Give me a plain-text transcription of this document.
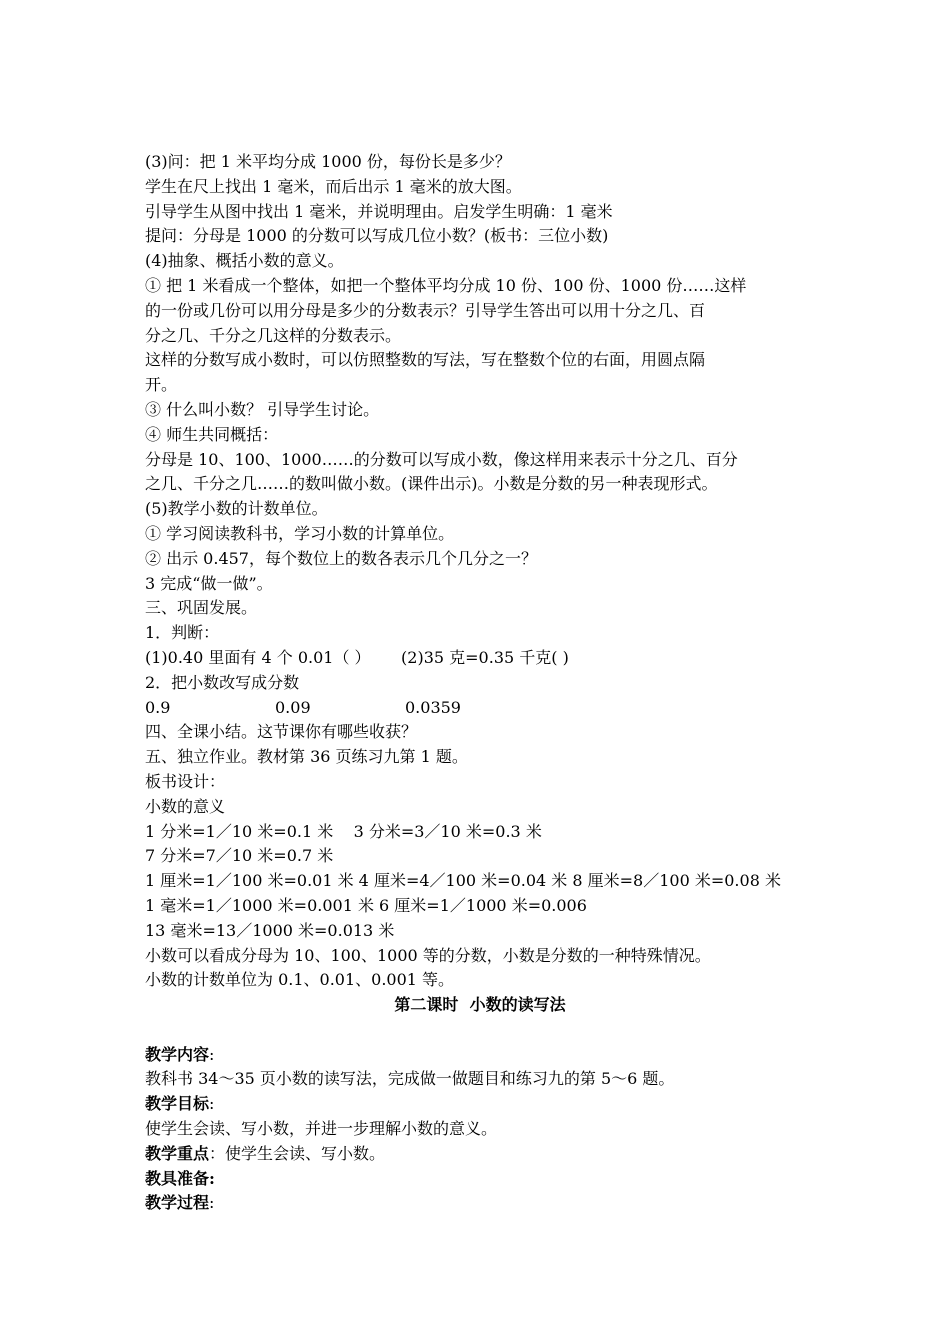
(3)问：把 1 米平均分成 1000 份，每份长是多少？
学生在尺上找出 1 毫米，而后出示 1 毫米的放大图。
引导学生从图中找出 1 毫米，并说明理由。启发学生明确：1 毫米
提问：分母是 1000 的分数可以写成几位小数？(板书：三位小数)
(4)抽象、概括小数的意义。
① 把 1 米看成一个整体，如把一个整体平均分成 10 份、100 份、1000 份……这样
的一份或几份可以用分母是多少的分数表示？引导学生答出可以用十分之几、百
分之几、千分之几这样的分数表示。
这样的分数写成小数时，可以仿照整数的写法，写在整数个位的右面，用圆点隔
开。
③ 什么叫小数？ 引导学生讨论。
④ 师生共同概括：
分母是 10、100、1000……的分数可以写成小数，像这样用来表示十分之几、百分
之几、千分之几……的数叫做小数。(课件出示)。小数是分数的另一种表现形式。
(5)教学小数的计数单位。
① 学习阅读教科书，学习小数的计算单位。
② 出示 0.457，每个数位上的数各表示几个几分之一？
3 完成“做一做”。
三、巩固发展。
1．判断：
(1)0.40 里面有 4 个 0.01（ ）      (2)35 克=0.35 千克( )
2．把小数改写成分数
0.9	0.09	0.0359
四、全课小结。这节课你有哪些收获？
五、独立作业。教材第 36 页练习九第 1 题。
板书设计：
小数的意义
1 分米=1／10 米=0.1 米    3 分米=3／10 米=0.3 米
7 分米=7／10 米=0.7 米
1 厘米=1／100 米=0.01 米 4 厘米=4／100 米=0.04 米 8 厘米=8／100 米=0.08 米
1 毫米=1／1000 米=0.001 米 6 厘米=1／1000 米=0.006
13 毫米=13／1000 米=0.013 米
小数可以看成分母为 10、100、1000 等的分数，小数是分数的一种特殊情况。
小数的计数单位为 0.1、0.01、0.001 等。
第二课时  小数的读写法
教学内容:
教科书 34～35 页小数的读写法，完成做一做题目和练习九的第 5～6 题。
教学目标:
使学生会读、写小数，并进一步理解小数的意义。
教学重点：使学生会读、写小数。
教具准备:
教学过程:
